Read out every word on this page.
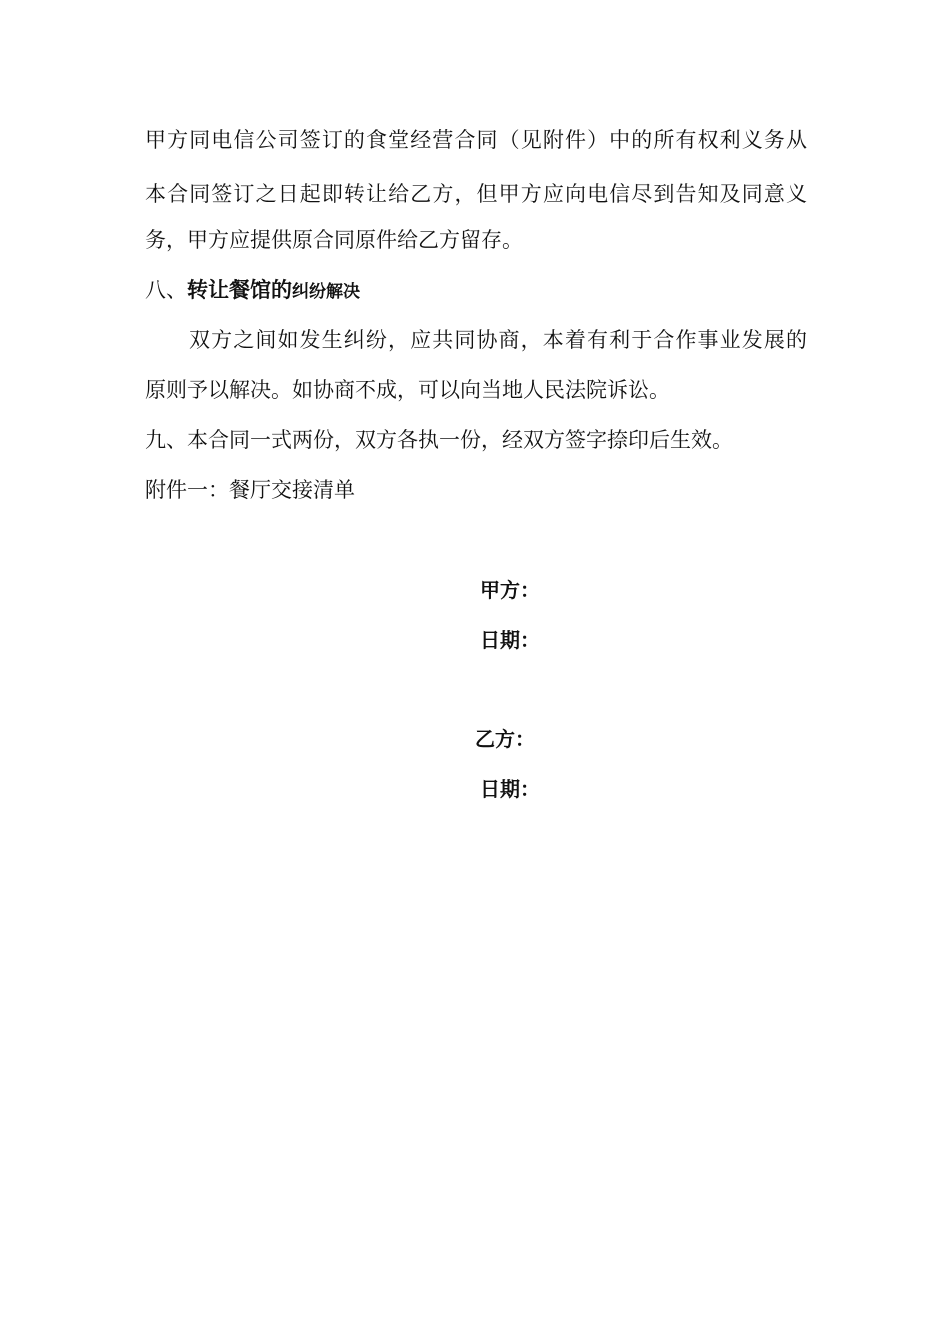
甲方同电信公司签订的食堂经营合同（见附件）中的所有权利义务从
本合同签订之日起即转让给乙方，但甲方应向电信尽到告知及同意义
务，甲方应提供原合同原件给乙方留存。
八、转让餐馆的纠纷解决
双方之间如发生纠纷，应共同协商，本着有利于合作事业发展的
原则予以解决。如协商不成，可以向当地人民法院诉讼。
九、本合同一式两份，双方各执一份，经双方签字捺印后生效。
附件一：餐厅交接清单
甲方：
日期：
乙方：
日期：
